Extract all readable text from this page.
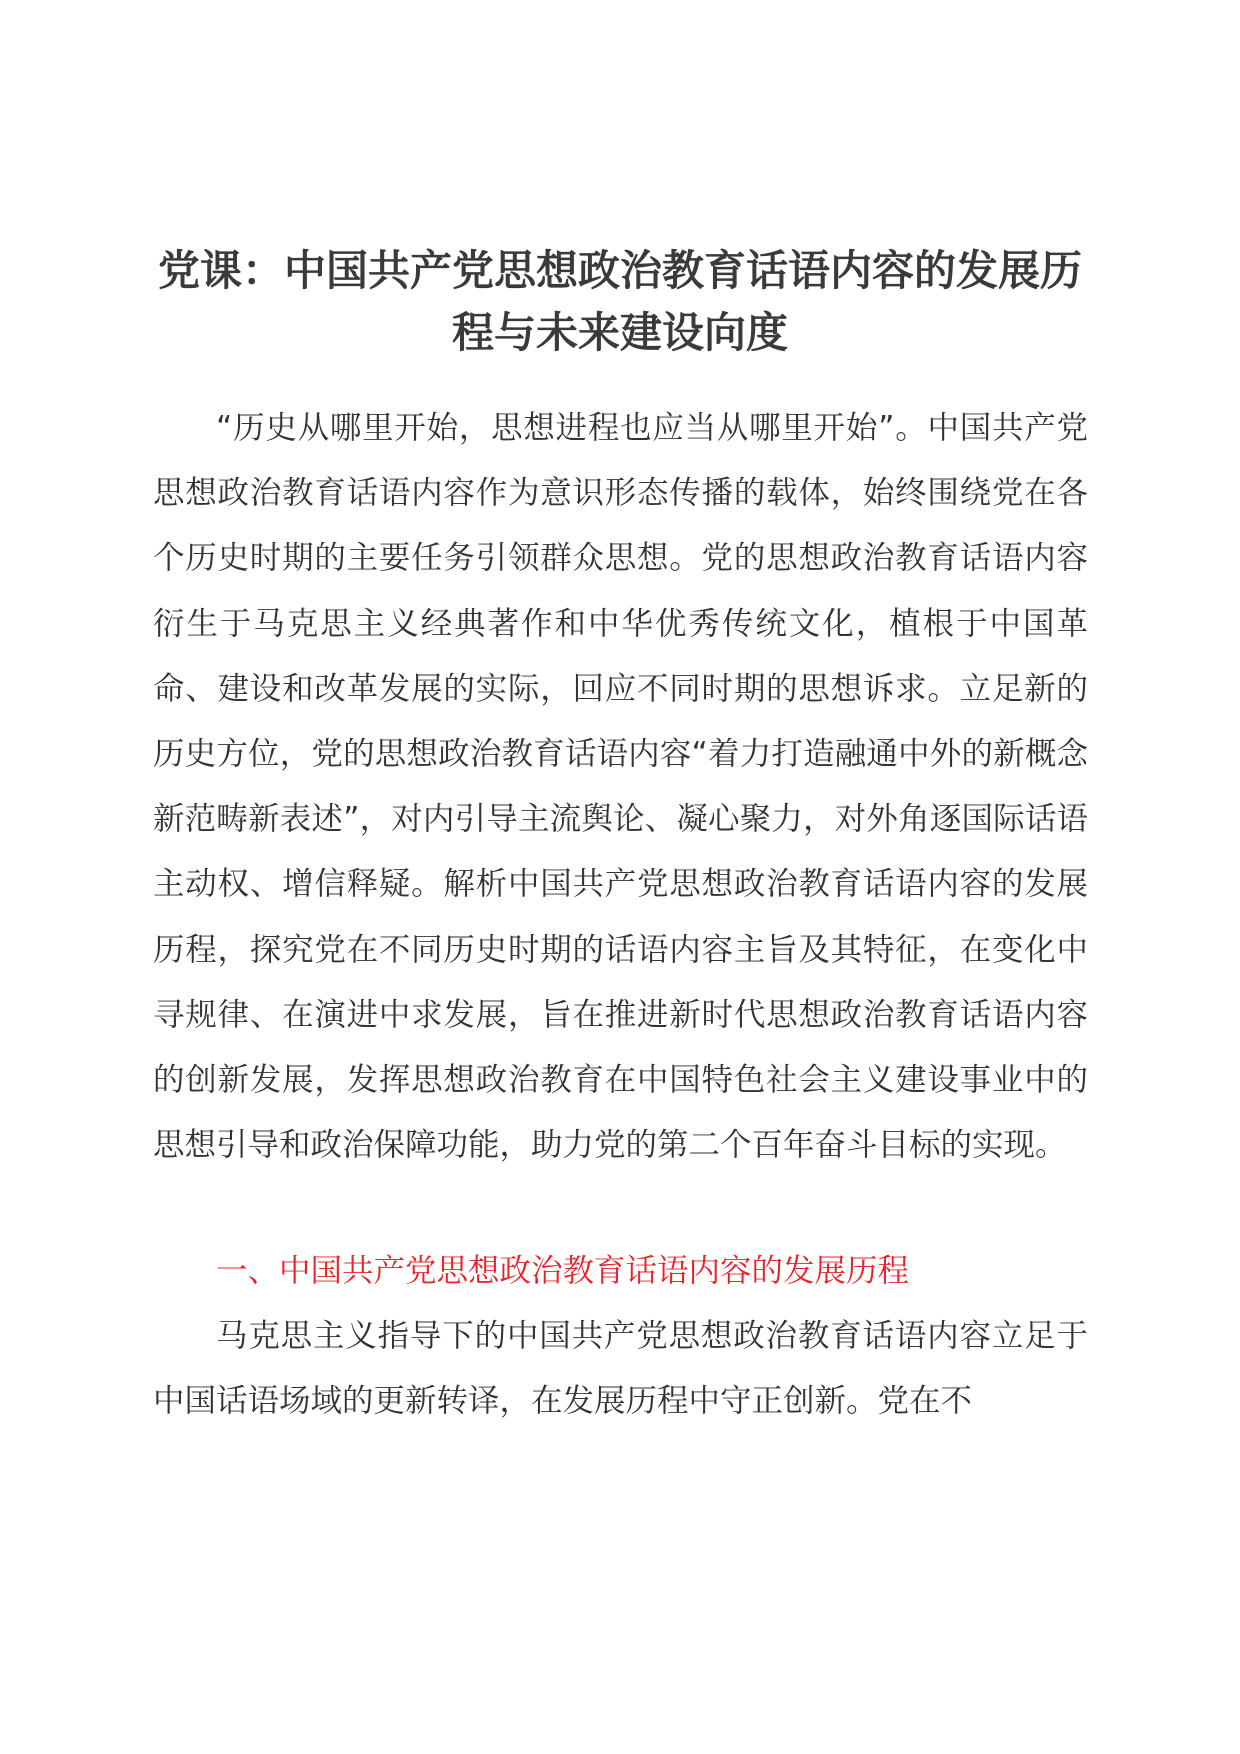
党课：中国共产党思想政治教育话语内容的发展历程与未来建设向度

“历史从哪里开始，思想进程也应当从哪里开始”。中国共产党思想政治教育话语内容作为意识形态传播的载体，始终围绕党在各个历史时期的主要任务引领群众思想。党的思想政治教育话语内容衍生于马克思主义经典著作和中华优秀传统文化，植根于中国革命、建设和改革发展的实际，回应不同时期的思想诉求。立足新的历史方位，党的思想政治教育话语内容“着力打造融通中外的新概念新范畴新表述”，对内引导主流舆论、凝心聚力，对外角逐国际话语主动权、增信释疑。解析中国共产党思想政治教育话语内容的发展历程，探究党在不同历史时期的话语内容主旨及其特征，在变化中寻规律、在演进中求发展，旨在推进新时代思想政治教育话语内容的创新发展，发挥思想政治教育在中国特色社会主义建设事业中的思想引导和政治保障功能，助力党的第二个百年奋斗目标的实现。

一、中国共产党思想政治教育话语内容的发展历程

马克思主义指导下的中国共产党思想政治教育话语内容立足于中国话语场域的更新转译，在发展历程中守正创新。党在不
